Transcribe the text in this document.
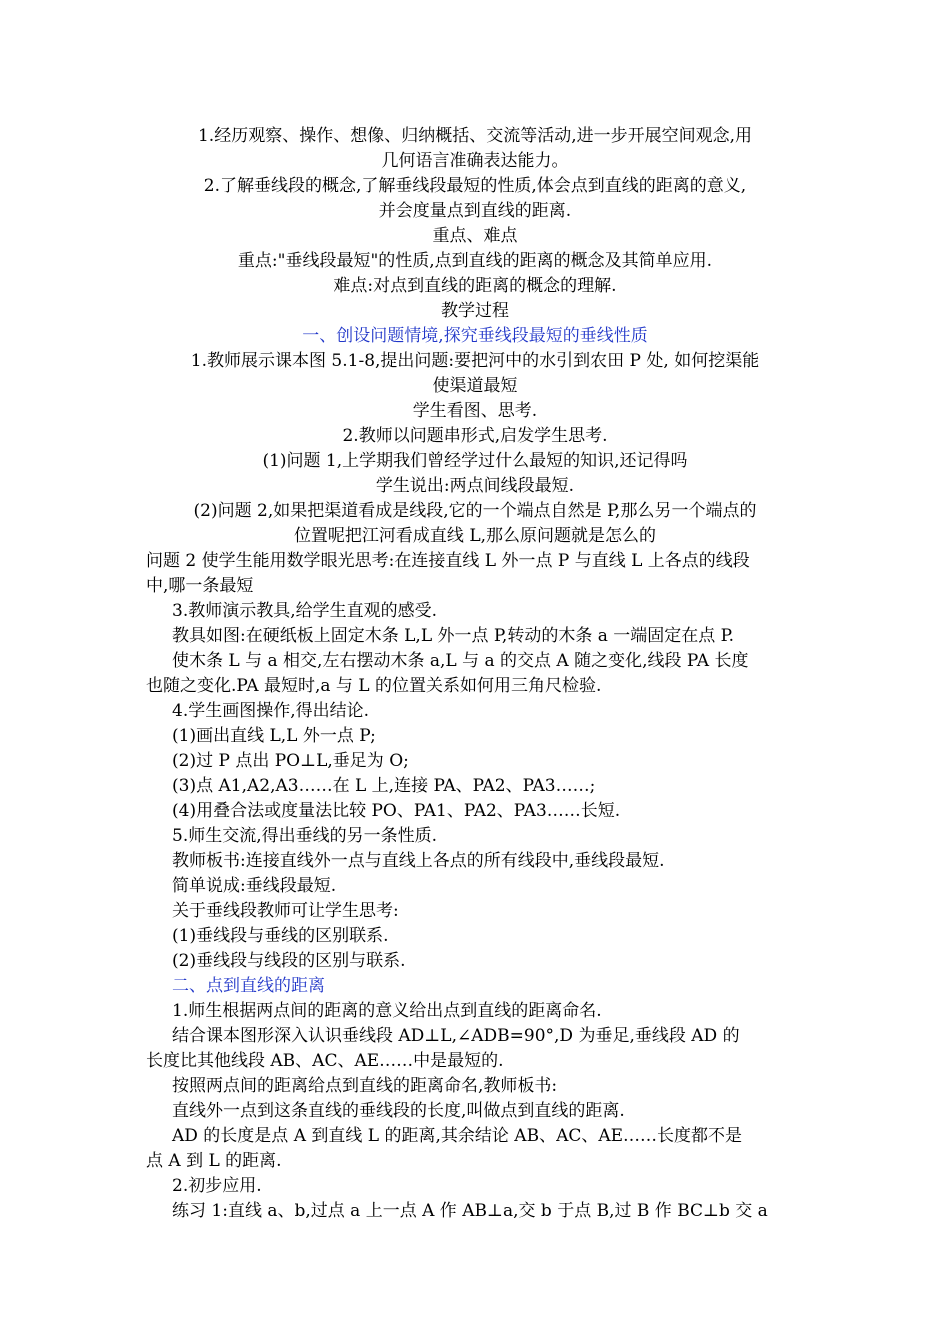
1.经历观察、操作、想像、归纳概括、交流等活动,进一步开展空间观念,用
几何语言准确表达能力。
2.了解垂线段的概念,了解垂线段最短的性质,体会点到直线的距离的意义,
并会度量点到直线的距离.
重点、难点
重点:"垂线段最短"的性质,点到直线的距离的概念及其简单应用.
难点:对点到直线的距离的概念的理解.
教学过程
一、创设问题情境,探究垂线段最短的垂线性质
1.教师展示课本图 5.1-8,提出问题:要把河中的水引到农田 P 处, 如何挖渠能
使渠道最短
学生看图、思考.
2.教师以问题串形式,启发学生思考.
(1)问题 1,上学期我们曾经学过什么最短的知识,还记得吗
学生说出:两点间线段最短.
(2)问题 2,如果把渠道看成是线段,它的一个端点自然是 P,那么另一个端点的
位置呢把江河看成直线 L,那么原问题就是怎么的
问题 2 使学生能用数学眼光思考:在连接直线 L 外一点 P 与直线 L 上各点的线段
中,哪一条最短
3.教师演示教具,给学生直观的感受.
教具如图:在硬纸板上固定木条 L,L 外一点 P,转动的木条 a 一端固定在点 P.
使木条 L 与 a 相交,左右摆动木条 a,L 与 a 的交点 A 随之变化,线段 PA 长度
也随之变化.PA 最短时,a 与 L 的位置关系如何用三角尺检验.
4.学生画图操作,得出结论.
(1)画出直线 L,L 外一点 P;
(2)过 P 点出 PO⊥L,垂足为 O;
(3)点 A1,A2,A3……在 L 上,连接 PA、PA2、PA3……;
(4)用叠合法或度量法比较 PO、PA1、PA2、PA3……长短.
5.师生交流,得出垂线的另一条性质.
教师板书:连接直线外一点与直线上各点的所有线段中,垂线段最短.
简单说成:垂线段最短.
关于垂线段教师可让学生思考:
(1)垂线段与垂线的区别联系.
(2)垂线段与线段的区别与联系.
二、点到直线的距离
1.师生根据两点间的距离的意义给出点到直线的距离命名.
结合课本图形深入认识垂线段 AD⊥L,∠ADB=90°,D 为垂足,垂线段 AD 的
长度比其他线段 AB、AC、AE……中是最短的.
按照两点间的距离给点到直线的距离命名,教师板书:
直线外一点到这条直线的垂线段的长度,叫做点到直线的距离.
AD 的长度是点 A 到直线 L 的距离,其余结论 AB、AC、AE……长度都不是
点 A 到 L 的距离.
2.初步应用.
练习 1:直线 a、b,过点 a 上一点 A 作 AB⊥a,交 b 于点 B,过 B 作 BC⊥b 交 a
